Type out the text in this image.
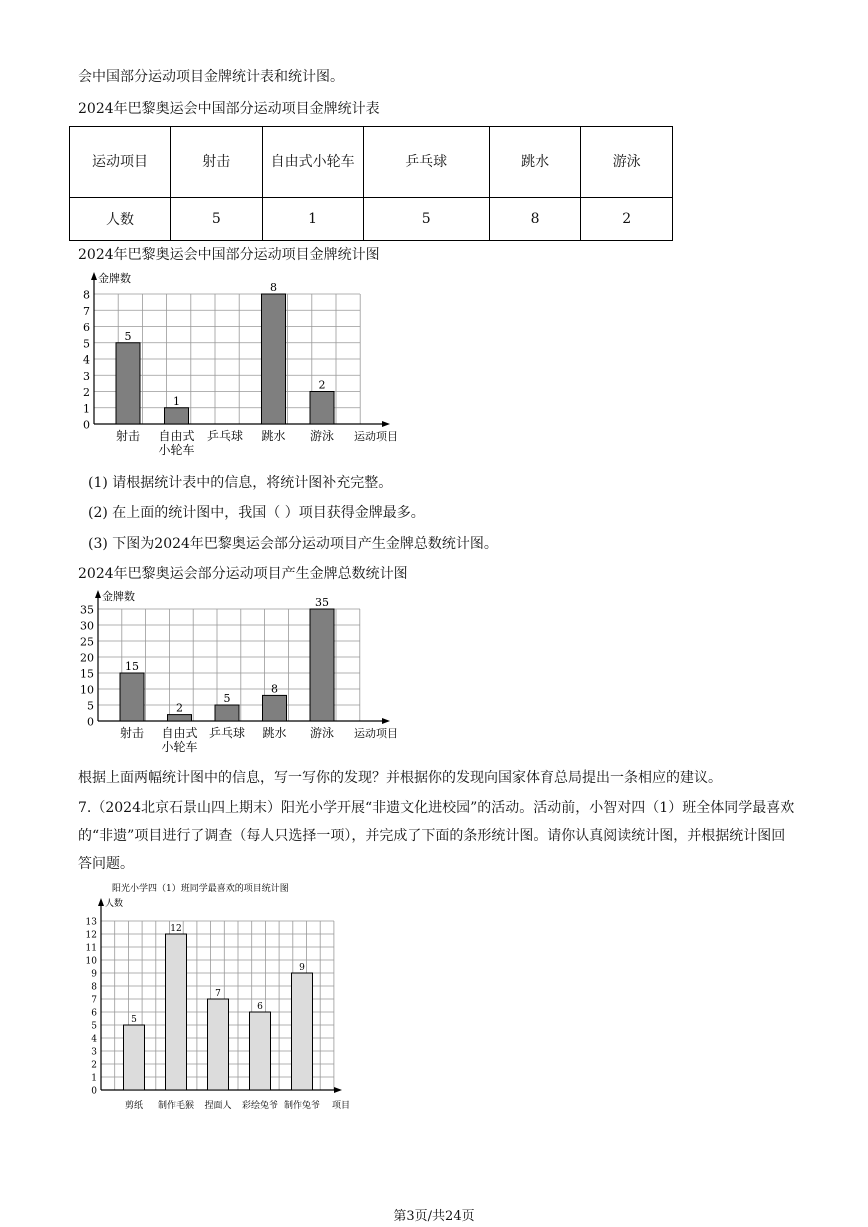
会中国部分运动项目金牌统计表和统计图。
2024年巴黎奥运会中国部分运动项目金牌统计表
运动项目	射击	自由式小轮车	乒乓球	跳水	游泳
人数	5	1	5	8	2
2024年巴黎奥运会中国部分运动项目金牌统计图
0
1
2
3
4
5
6
7
8
金牌数
运动项目
5
射击
1
自由式
小轮车
乒乓球
8
跳水
2
游泳
(1) 请根据统计表中的信息，将统计图补充完整。
(2) 在上面的统计图中，我国（ ）项目获得金牌最多。
(3) 下图为2024年巴黎奥运会部分运动项目产生金牌总数统计图。
2024年巴黎奥运会部分运动项目产生金牌总数统计图
0
5
10
15
20
25
30
35
金牌数
运动项目
15
射击
2
自由式
小轮车
5
乒乓球
8
跳水
35
游泳
根据上面两幅统计图中的信息，写一写你的发现？并根据你的发现向国家体育总局提出一条相应的建议。
7.（2024北京石景山四上期末）阳光小学开展“非遗文化进校园”的活动。活动前，小智对四（1）班全体同学最喜欢的“非遗”项目进行了调查（每人只选择一项），并完成了下面的条形统计图。请你认真阅读统计图，并根据统计图回答问题。
0
1
2
3
4
5
6
7
8
9
10
11
12
13
人数
项目
5
剪纸
12
制作毛猴
7
捏面人
6
彩绘兔爷
9
制作兔爷
阳光小学四（1）班同学最喜欢的项目统计图
第3页/共24页
